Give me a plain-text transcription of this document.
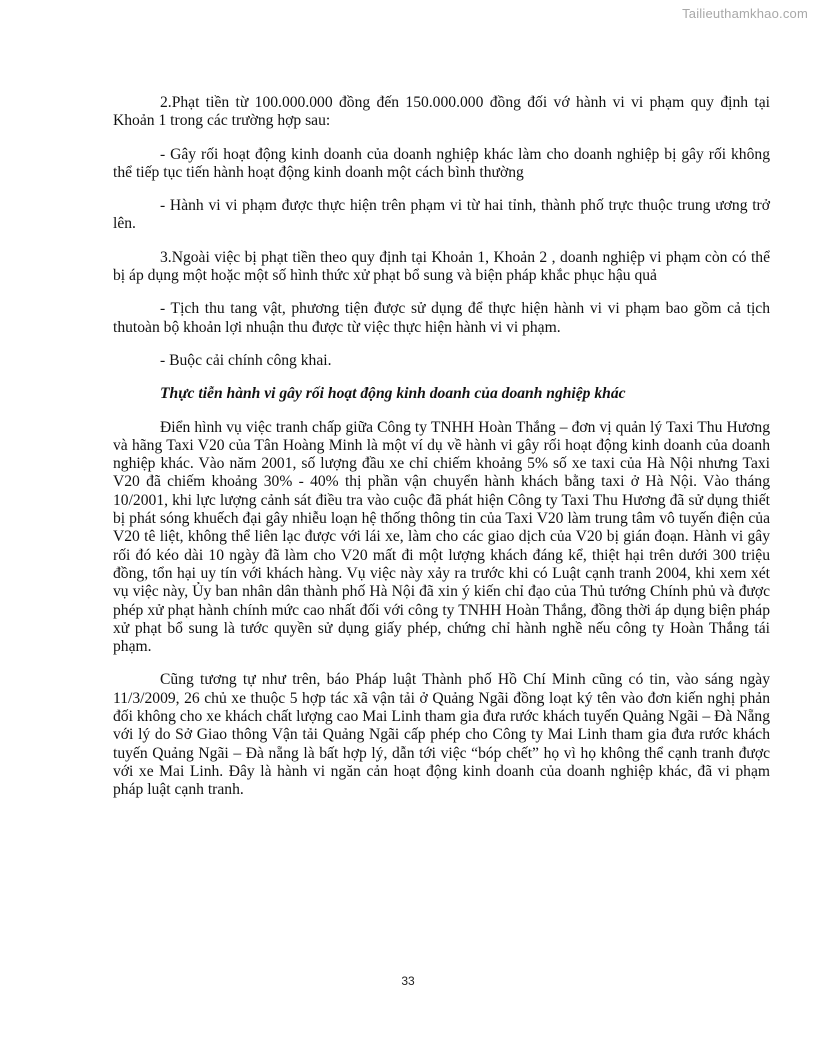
Tailieuthamkhao.com

2.Phạt tiền từ 100.000.000 đồng đến 150.000.000 đồng đối vớ hành vi vi phạm quy định tại Khoản 1 trong các trường hợp sau:

- Gây rối hoạt động kinh doanh của doanh nghiệp khác làm cho doanh nghiệp bị gây rối không thể tiếp tục tiến hành hoạt động kinh doanh một cách bình thường

- Hành vi vi phạm được thực hiện trên phạm vi từ hai tỉnh, thành phố trực thuộc trung ương trở lên.

3.Ngoài việc bị phạt tiền theo quy định tại Khoản 1, Khoản 2 , doanh nghiệp vi phạm còn có thể bị áp dụng một hoặc một số hình thức xử phạt bổ sung và biện pháp khắc phục hậu quả

- Tịch thu tang vật, phương tiện được sử dụng để thực hiện hành vi vi phạm bao gồm cả tịch thutoàn bộ khoản lợi nhuận thu được từ việc thực hiện hành vi vi phạm.

- Buộc cải chính công khai.

Thực tiễn hành vi gây rối hoạt động kinh doanh của doanh nghiệp khác

Điển hình vụ việc tranh chấp giữa Công ty TNHH Hoàn Thắng – đơn vị quản lý Taxi Thu Hương và hãng Taxi V20 của Tân Hoàng Minh là một ví dụ về hành vi gây rối hoạt động kinh doanh của doanh nghiệp khác. Vào năm 2001, số lượng đầu xe chỉ chiếm khoảng 5% số xe taxi của Hà Nội nhưng Taxi V20 đã chiếm khoảng 30% - 40% thị phần vận chuyển hành khách bằng taxi ở Hà Nội. Vào tháng 10/2001, khi lực lượng cảnh sát điều tra vào cuộc đã phát hiện Công ty Taxi Thu Hương đã sử dụng thiết bị phát sóng khuếch đại gây nhiễu loạn hệ thống thông tin của Taxi V20 làm trung tâm vô tuyến điện của V20 tê liệt, không thể liên lạc được với lái xe, làm cho các giao dịch của V20 bị gián đoạn. Hành vi gây rối đó kéo dài 10 ngày đã làm cho V20 mất đi một lượng khách đáng kể, thiệt hại trên dưới 300 triệu đồng, tổn hại uy tín với khách hàng. Vụ việc này xảy ra trước khi có Luật cạnh tranh 2004, khi xem xét vụ việc này, Ủy ban nhân dân thành phố Hà Nội đã xin ý kiến chỉ đạo của Thủ tướng Chính phủ và được phép xử phạt hành chính mức cao nhất đối với công ty TNHH Hoàn Thắng, đồng thời áp dụng biện pháp xử phạt bổ sung là tước quyền sử dụng giấy phép, chứng chỉ hành nghề nếu công ty Hoàn Thắng tái phạm.

Cũng tương tự như trên, báo Pháp luật Thành phố Hồ Chí Minh cũng có tin, vào sáng ngày 11/3/2009, 26 chủ xe thuộc 5 hợp tác xã vận tải ở Quảng Ngãi đồng loạt ký tên vào đơn kiến nghị phản đối không cho xe khách chất lượng cao Mai Linh tham gia đưa rước khách tuyến Quảng Ngãi – Đà Nẵng với lý do Sở Giao thông Vận tải Quảng Ngãi cấp phép cho Công ty Mai Linh tham gia đưa rước khách tuyến Quảng Ngãi – Đà nẵng là bất hợp lý, dẫn tới việc “bóp chết” họ vì họ không thể cạnh tranh được với xe Mai Linh. Đây là hành vi ngăn cản hoạt động kinh doanh của doanh nghiệp khác, đã vi phạm pháp luật cạnh tranh.

33
